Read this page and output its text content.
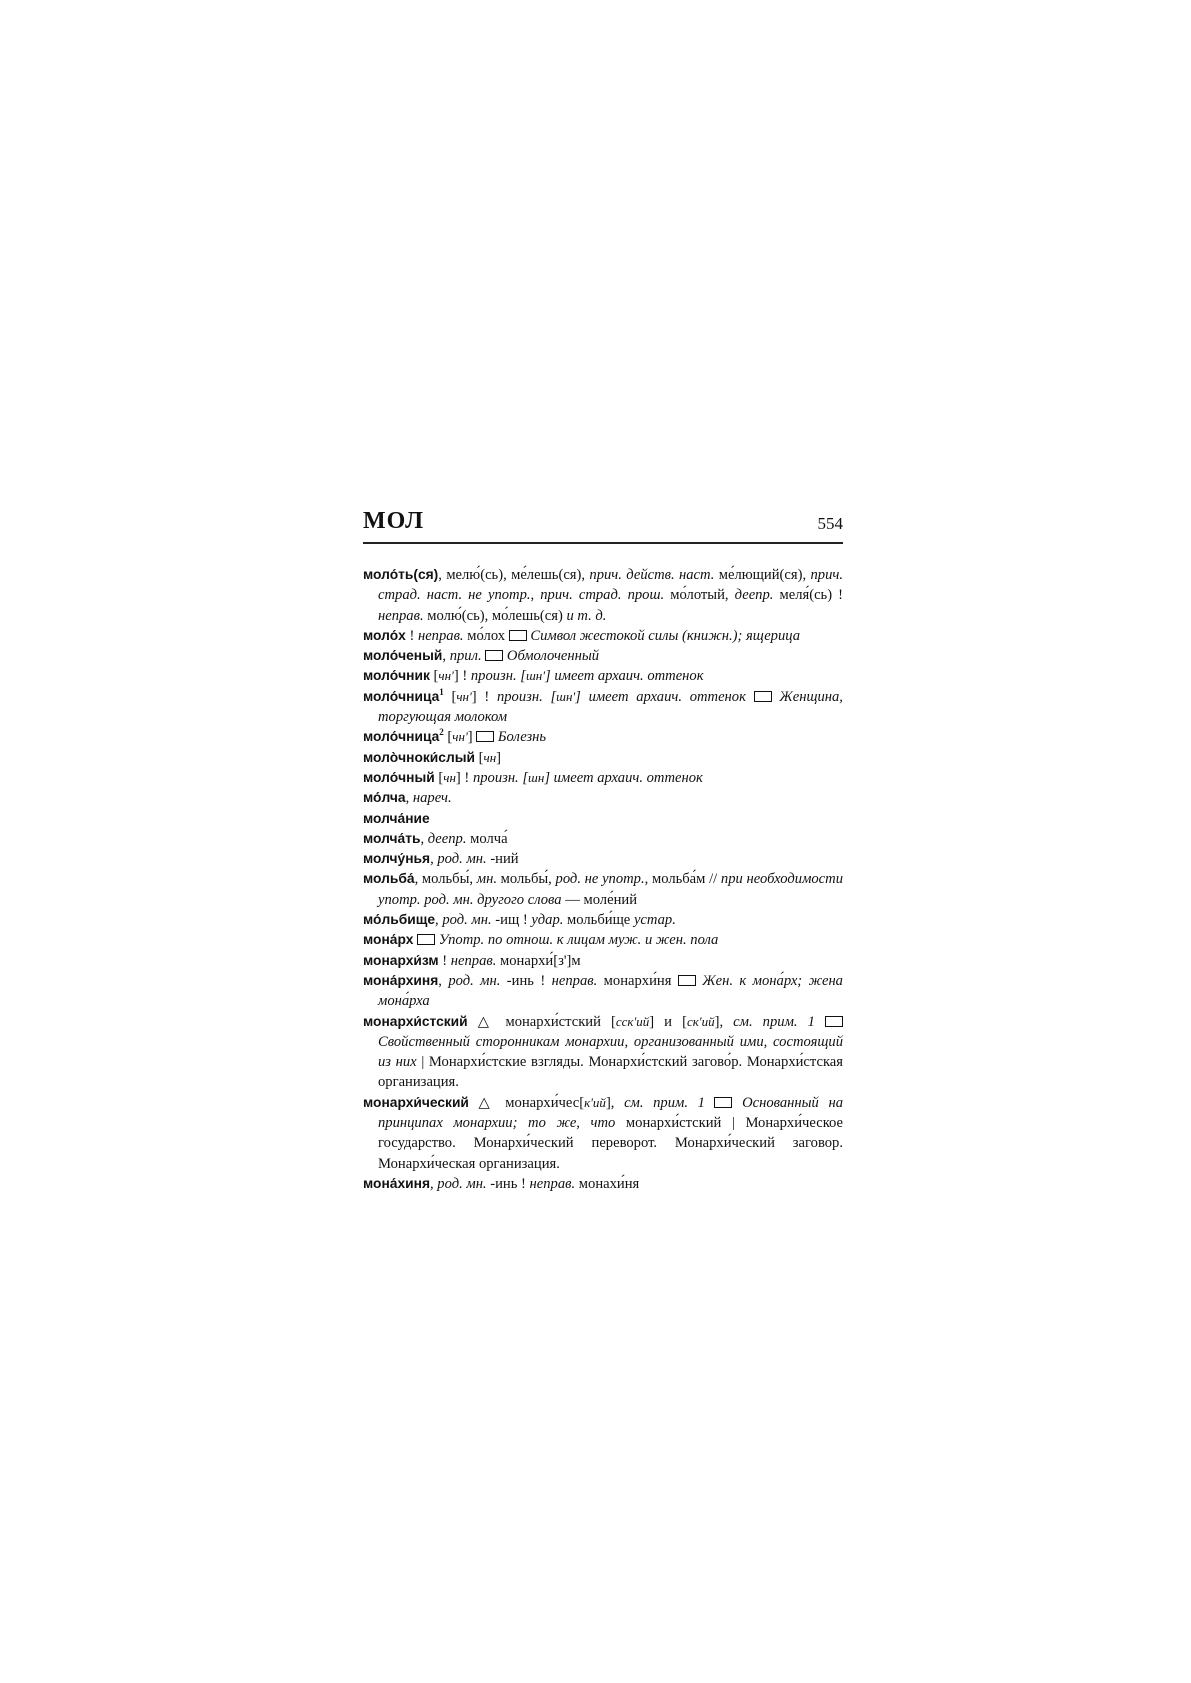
МОЛ	554

моло́ть(ся), мелю́(сь), ме́лешь(ся), прич. действ. наст. ме́лющий(ся), прич. страд. наст. не употр., прич. страд. прош. мо́лотый, деепр. меля́(сь) ! неправ. молю́(сь), мо́лешь(ся) и т. д.

моло́х ! неправ. мо́лох  Символ жестокой силы (книжн.); ящерица

моло́ченый, прил. Обмолоченный

моло́чник [чн'] ! произн. [шн'] имеет архаич. оттенок

моло́чница$^1$ [чн'] ! произн. [шн'] имеет архаич. оттенок Женщина, торгующая молоком

моло́чница$^2$ [чн'] Болезнь

моло̀чноки́слый [чн]

моло́чный [чн] ! произн. [шн] имеет архаич. оттенок

мо́лча, нареч.

молча́ние

молча́ть, деепр. молча́

молчу́нья, род. мн. -ний

мольба́, мольбы́, мн. мольбы́, род. не употр., мольба́м // при необходимости употр. род. мн. другого слова — моле́ний

мо́льбище, род. мн. -ищ ! удар. мольби́ще устар.

мона́рх Употр. по отнош. к лицам муж. и жен. пола

монархи́зм ! неправ. монархи́[з']м

мона́рхиня, род. мн. -инь ! неправ. монархи́ня  Жен. к мона́рх; жена мона́рха

монархи́стский △ монархи́стский [сск'ий] и [ск'ий], см. прим. 1  Свойственный сторонникам монархии, организованный ими, состоящий из них | Монархи́стские взгляды. Монархи́стский загово́р. Монархи́стская организация.

монархи́ческий △ монархи́чес[к'ий], см. прим. 1	Основанный на принципах монархии; то же, что монархи́стский | Монархи́ческое государство. Монархи́ческий переворот. Монархи́ческий заговор. Монархи́ческая организация.

мона́хиня, род. мн. -инь ! неправ. монахи́ня
